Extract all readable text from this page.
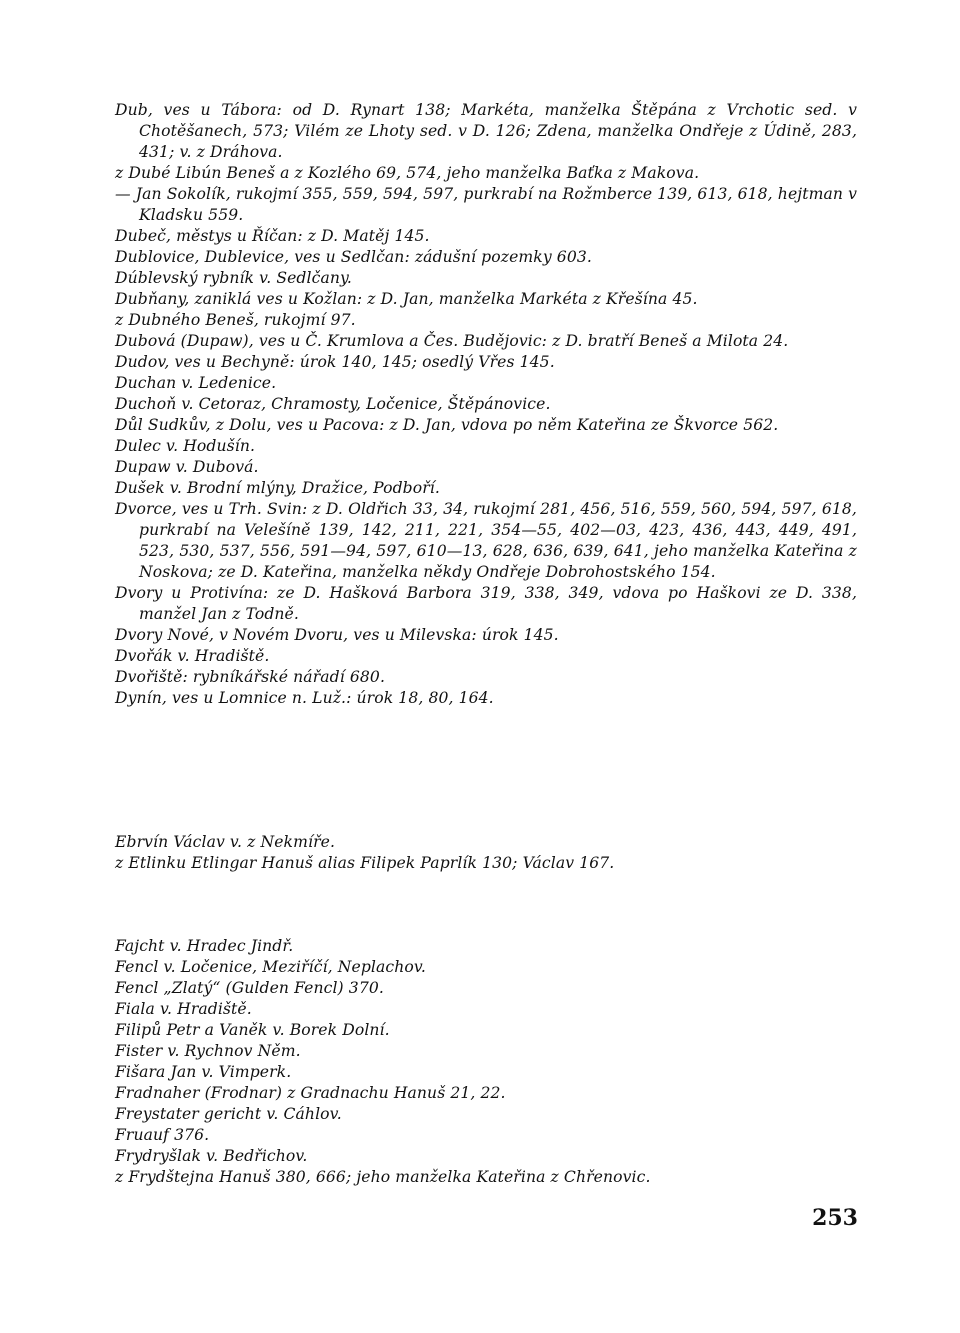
Dub, ves u Tábora: od D. Rynart 138; Markéta, manželka Štěpána z Vrchotic sed. v Chotěšanech, 573; Vilém ze Lhoty sed. v D. 126; Zdena, manželka Ondřeje z Údině, 283, 431; v. z Dráhova.

z Dubé Libún Beneš a z Kozlého 69, 574, jeho manželka Baťka z Makova.

— Jan Sokolík, rukojmí 355, 559, 594, 597, purkrabí na Rožmberce 139, 613, 618, hejtman v Kladsku 559.

Dubeč, městys u Říčan: z D. Matěj 145.

Dublovice, Dublevice, ves u Sedlčan: zádušní pozemky 603.

Dúblevský rybník v. Sedlčany.

Dubňany, zaniklá ves u Kožlan: z D. Jan, manželka Markéta z Křešína 45.

z Dubného Beneš, rukojmí 97.

Dubová (Dupaw), ves u Č. Krumlova a Čes. Budějovic: z D. bratří Beneš a Milota 24.

Dudov, ves u Bechyně: úrok 140, 145; osedlý Vřes 145.

Duchan v. Ledenice.

Duchoň v. Cetoraz, Chramosty, Ločenice, Štěpánovice.

Důl Sudkův, z Dolu, ves u Pacova: z D. Jan, vdova po něm Kateřina ze Škvorce 562.

Dulec v. Hodušín.

Dupaw v. Dubová.

Dušek v. Brodní mlýny, Dražice, Podboří.

Dvorce, ves u Trh. Svin: z D. Oldřich 33, 34, rukojmí 281, 456, 516, 559, 560, 594, 597, 618, purkrabí na Velešíně 139, 142, 211, 221, 354—55, 402—03, 423, 436, 443, 449, 491, 523, 530, 537, 556, 591—94, 597, 610—13, 628, 636, 639, 641, jeho manželka Kateřina z Noskova; ze D. Kateřina, manželka někdy Ondřeje Dobrohostského 154.

Dvory u Protivína: ze D. Hašková Barbora 319, 338, 349, vdova po Haškovi ze D. 338, manžel Jan z Todně.

Dvory Nové, v Novém Dvoru, ves u Milevska: úrok 145.

Dvořák v. Hradiště.

Dvořiště: rybníkářské nářadí 680.

Dynín, ves u Lomnice n. Luž.: úrok 18, 80, 164.

Ebrvín Václav v. z Nekmíře.

z Etlinku Etlingar Hanuš alias Filipek Paprlík 130; Václav 167.

Fajcht v. Hradec Jindř.

Fencl v. Ločenice, Meziříčí, Neplachov.

Fencl „Zlatý“ (Gulden Fencl) 370.

Fiala v. Hradiště.

Filipů Petr a Vaněk v. Borek Dolní.

Fister v. Rychnov Něm.

Fišara Jan v. Vimperk.

Fradnaher (Frodnar) z Gradnachu Hanuš 21, 22.

Freystater gericht v. Cáhlov.

Fruauf 376.

Frydryšlak v. Bedřichov.

z Frydštejna Hanuš 380, 666; jeho manželka Kateřina z Chřenovic.

253
